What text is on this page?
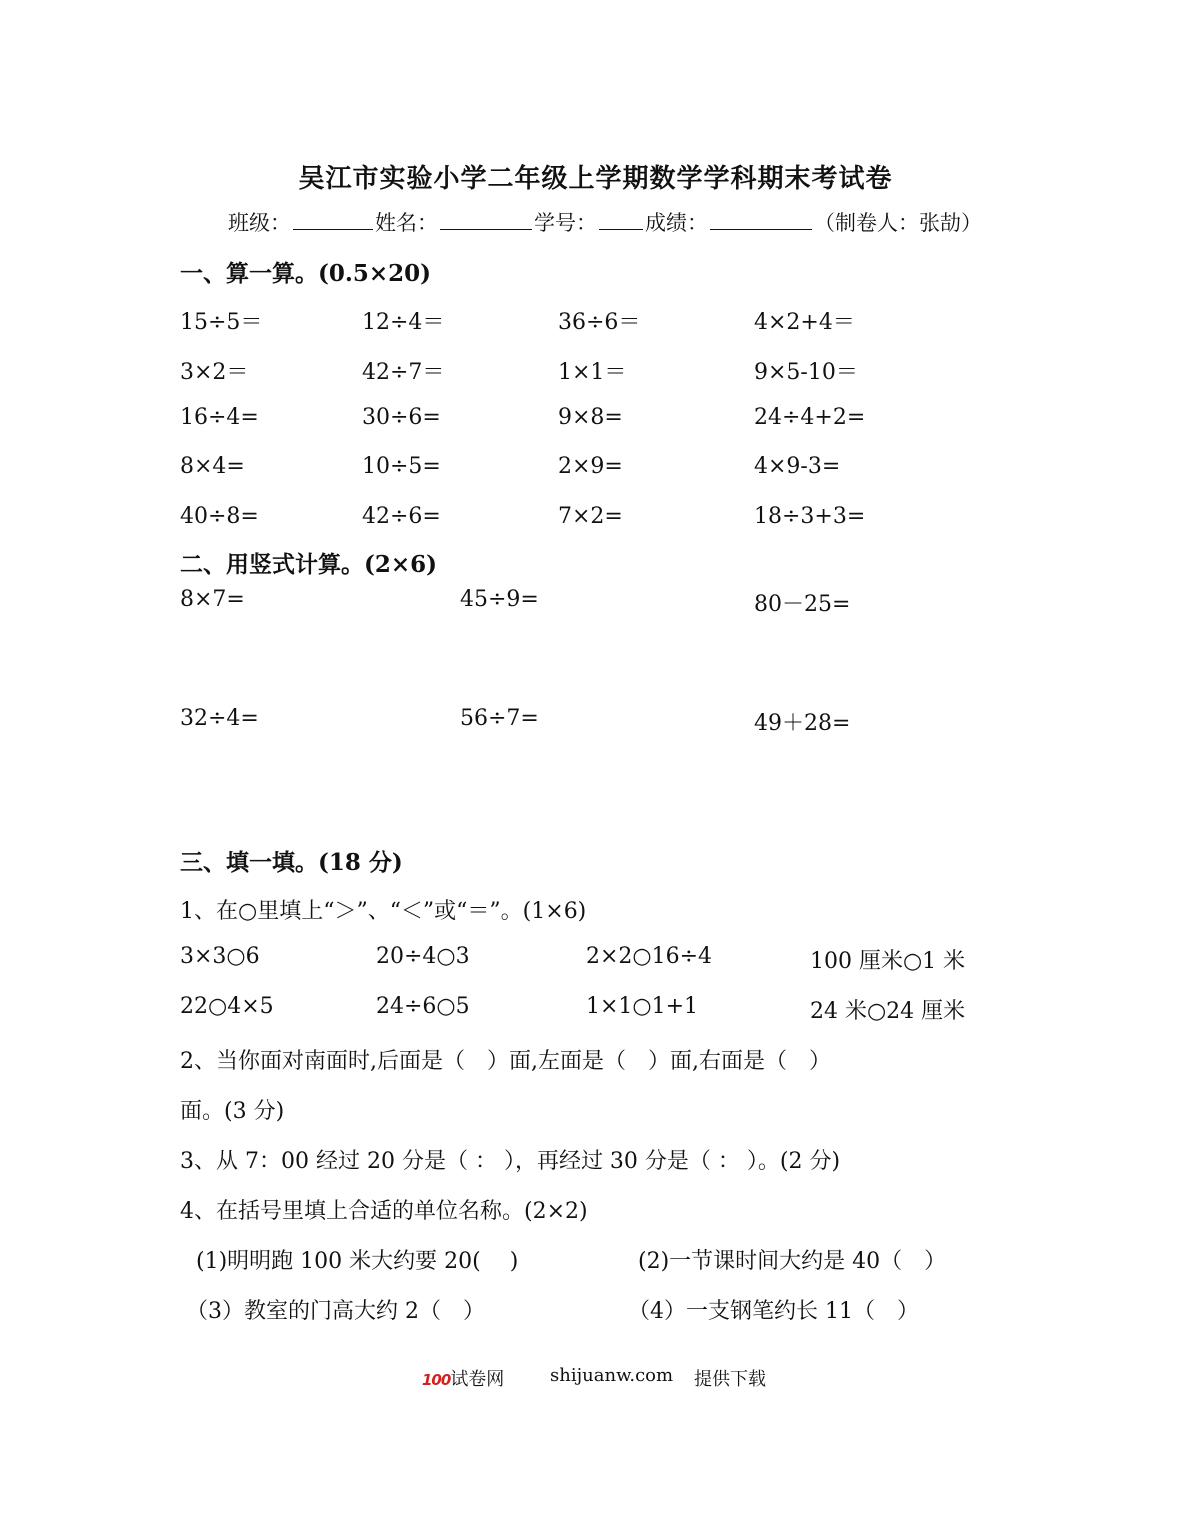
吴江市实验小学二年级上学期数学学科期末考试卷
班级：	姓名：	学号： 成绩：	（制卷人：张劼）
一、算一算。(0.5×20)
15÷5＝	12÷4＝	36÷6＝	4×2+4＝
3×2＝	42÷7＝	1×1＝	9×5-10＝
16÷4=	30÷6=	9×8=	24÷4+2=
8×4=	10÷5=	2×9=	4×9-3=
40÷8=	42÷6=	7×2=	18÷3+3=
二、用竖式计算。(2×6)
8×7=	45÷9=	80－25=
32÷4=	56÷7=	49＋28=
三、填一填。(18 分)
1、在○里填上“＞”、“＜”或“＝”。(1×6)
3×3○6	20÷4○3	2×2○16÷4	100 厘米○1 米
22○4×5	24÷6○5	1×1○1+1	24 米○24 厘米
2、当你面对南面时,后面是（　）面,左面是（　）面,右面是（　）
面。(3 分)
3、从 7：00 经过 20 分是（ ： ），再经过 30 分是（ ： ）。(2 分)
4、在括号里填上合适的单位名称。(2×2)
(1)明明跑 100 米大约要 20(　 )	(2)一节课时间大约是 40（　）
（3）教室的门高大约 2（　）	（4）一支钢笔约长 11（　）
100试卷网	shijuanw.com 提供下载
